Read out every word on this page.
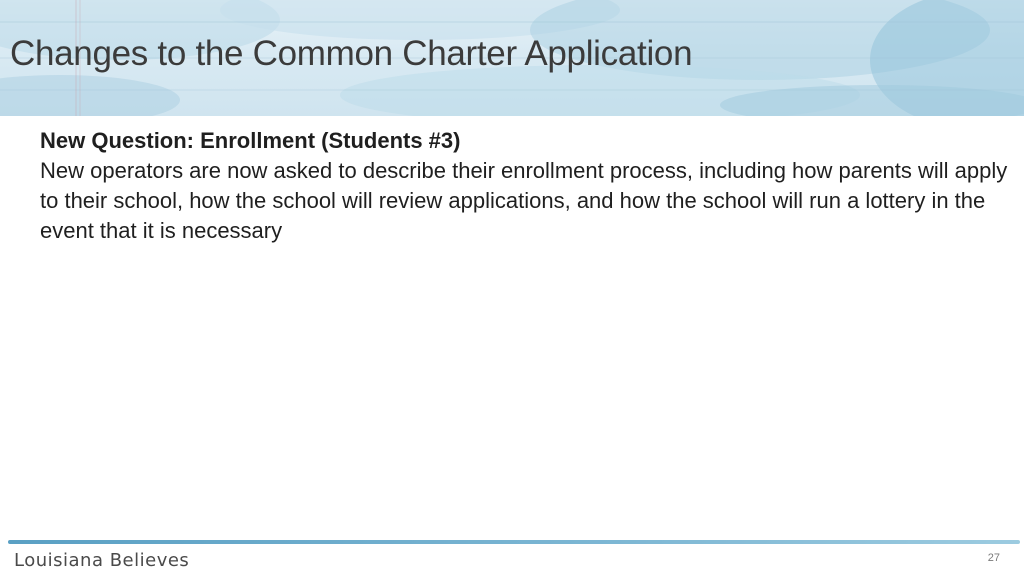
Changes to the Common Charter Application
New Question: Enrollment (Students #3)

New operators are now asked to describe their enrollment process, including how parents will apply to their school, how the school will review applications, and how the school will run a lottery in the event that it is necessary

Louisiana Believes	27
